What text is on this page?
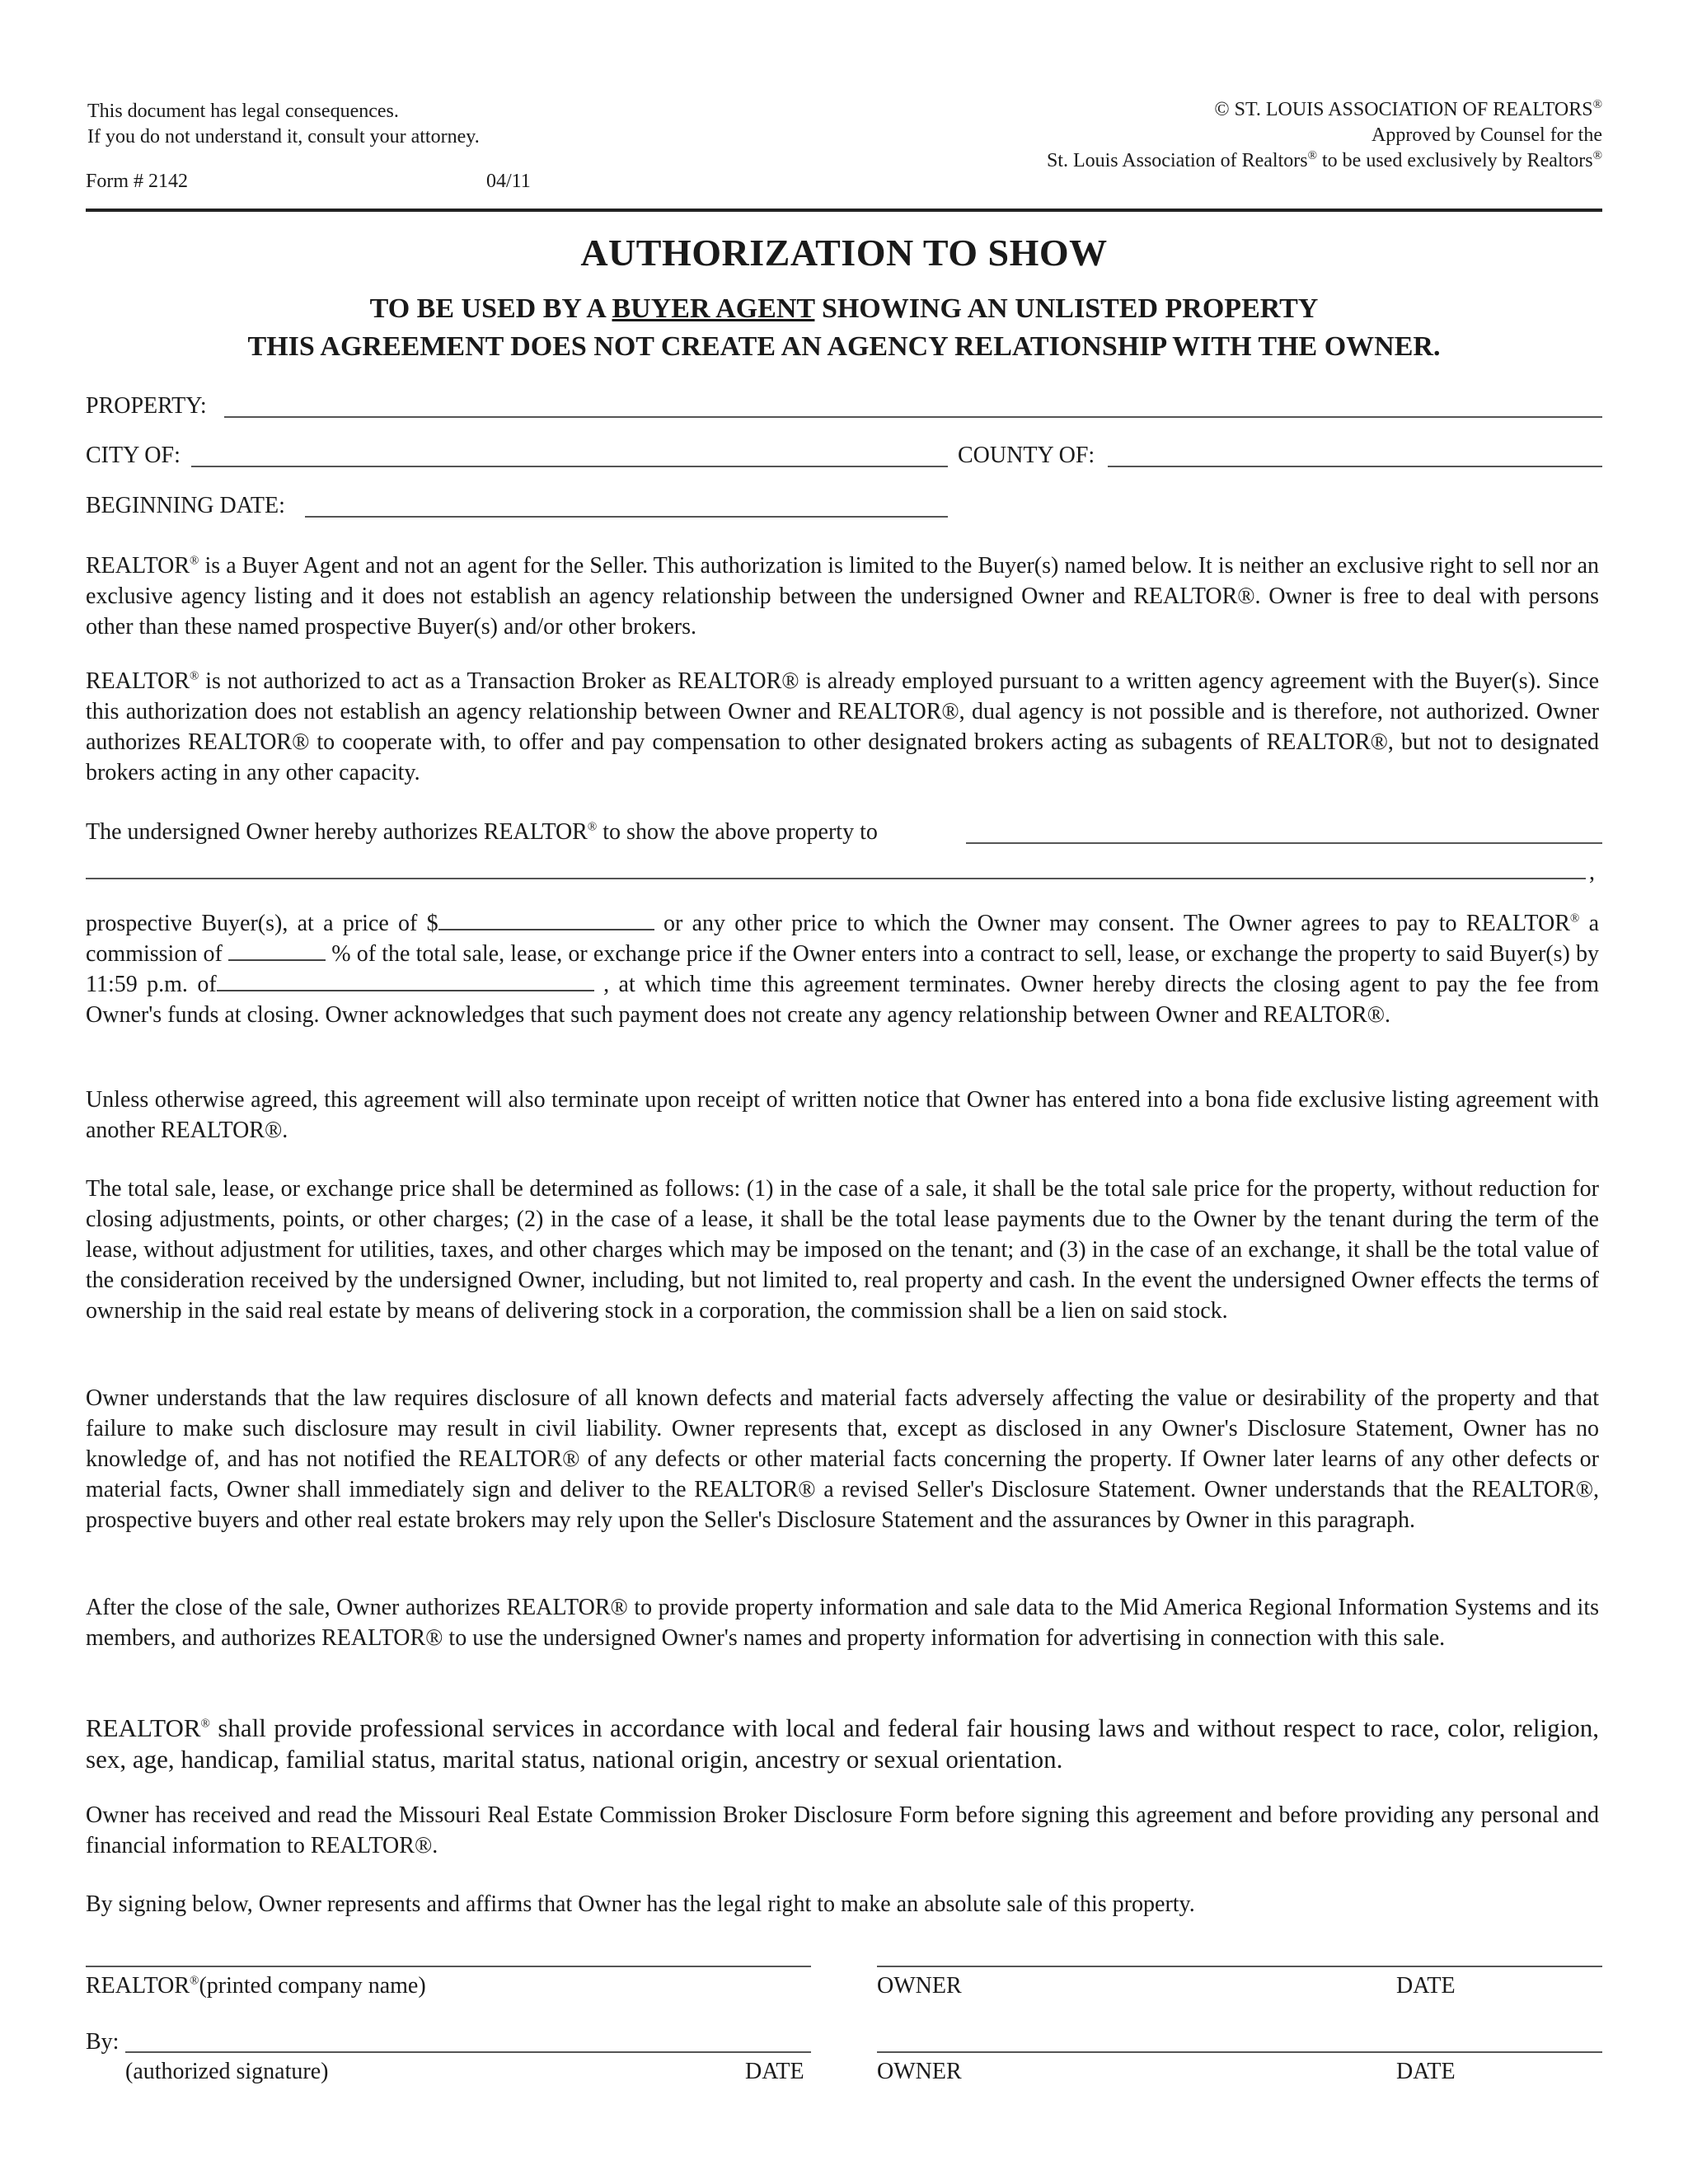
This document has legal consequences.
If you do not understand it, consult your attorney.
Form # 2142	04/11
© ST. LOUIS ASSOCIATION OF REALTORS®
Approved by Counsel for the
St. Louis Association of Realtors® to be used exclusively by Realtors®
AUTHORIZATION TO SHOW
TO BE USED BY A BUYER AGENT SHOWING AN UNLISTED PROPERTY
THIS AGREEMENT DOES NOT CREATE AN AGENCY RELATIONSHIP WITH THE OWNER.
PROPERTY:
CITY OF:	COUNTY OF:
BEGINNING DATE:
REALTOR® is a Buyer Agent and not an agent for the Seller. This authorization is limited to the Buyer(s) named below. It is neither an exclusive right to sell nor an exclusive agency listing and it does not establish an agency relationship between the undersigned Owner and REALTOR®. Owner is free to deal with persons other than these named prospective Buyer(s) and/or other brokers.
REALTOR® is not authorized to act as a Transaction Broker as REALTOR® is already employed pursuant to a written agency agreement with the Buyer(s). Since this authorization does not establish an agency relationship between Owner and REALTOR®, dual agency is not possible and is therefore, not authorized. Owner authorizes REALTOR® to cooperate with, to offer and pay compensation to other designated brokers acting as subagents of REALTOR®, but not to designated brokers acting in any other capacity.
The undersigned Owner hereby authorizes REALTOR® to show the above property to
,
prospective Buyer(s), at a price of $	or any other price to which the Owner may consent. The Owner agrees to pay to REALTOR® a commission of	% of the total sale, lease, or exchange price if the Owner enters into a contract to sell, lease, or exchange the property to said Buyer(s) by 11:59 p.m. of	, at which time this agreement terminates. Owner hereby directs the closing agent to pay the fee from Owner's funds at closing. Owner acknowledges that such payment does not create any agency relationship between Owner and REALTOR®.
Unless otherwise agreed, this agreement will also terminate upon receipt of written notice that Owner has entered into a bona fide exclusive listing agreement with another REALTOR®.
The total sale, lease, or exchange price shall be determined as follows: (1) in the case of a sale, it shall be the total sale price for the property, without reduction for closing adjustments, points, or other charges; (2) in the case of a lease, it shall be the total lease payments due to the Owner by the tenant during the term of the lease, without adjustment for utilities, taxes, and other charges which may be imposed on the tenant; and (3) in the case of an exchange, it shall be the total value of the consideration received by the undersigned Owner, including, but not limited to, real property and cash. In the event the undersigned Owner effects the terms of ownership in the said real estate by means of delivering stock in a corporation, the commission shall be a lien on said stock.
Owner understands that the law requires disclosure of all known defects and material facts adversely affecting the value or desirability of the property and that failure to make such disclosure may result in civil liability. Owner represents that, except as disclosed in any Owner's Disclosure Statement, Owner has no knowledge of, and has not notified the REALTOR® of any defects or other material facts concerning the property. If Owner later learns of any other defects or material facts, Owner shall immediately sign and deliver to the REALTOR® a revised Seller's Disclosure Statement. Owner understands that the REALTOR®, prospective buyers and other real estate brokers may rely upon the Seller's Disclosure Statement and the assurances by Owner in this paragraph.
After the close of the sale, Owner authorizes REALTOR® to provide property information and sale data to the Mid America Regional Information Systems and its members, and authorizes REALTOR® to use the undersigned Owner's names and property information for advertising in connection with this sale.
REALTOR® shall provide professional services in accordance with local and federal fair housing laws and without respect to race, color, religion, sex, age, handicap, familial status, marital status, national origin, ancestry or sexual orientation.
Owner has received and read the Missouri Real Estate Commission Broker Disclosure Form before signing this agreement and before providing any personal and financial information to REALTOR®.
By signing below, Owner represents and affirms that Owner has the legal right to make an absolute sale of this property.
REALTOR®(printed company name)	OWNER	DATE
By:
(authorized signature)	DATE	OWNER	DATE
